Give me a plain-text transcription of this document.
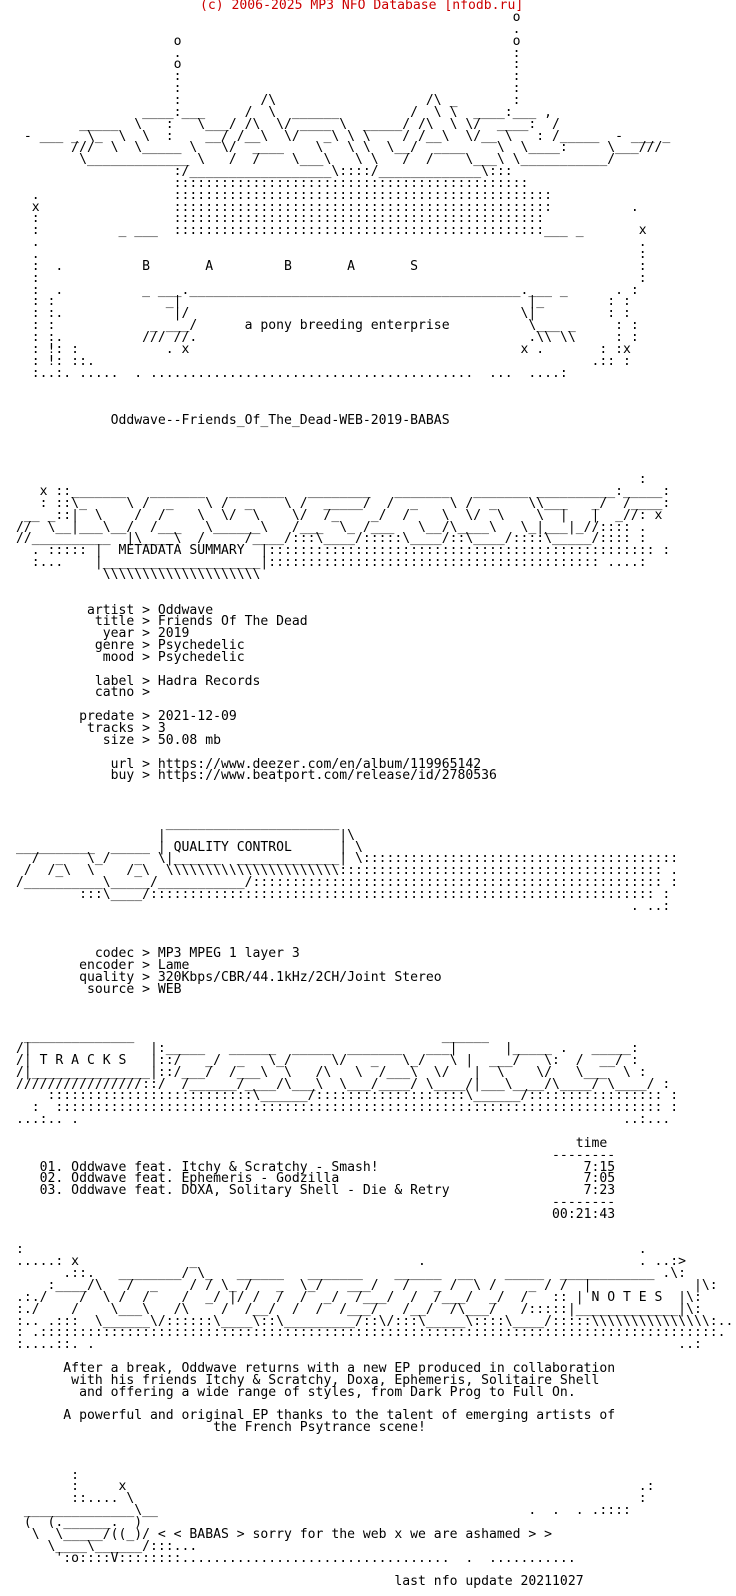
(c) 2006-2025 MP3 NFO Database [nfodb.ru]
o
.
o                                          o
.                                          :
o                                          :
:                                          :
:                                          :
:          /\                   /\ _       :
____:___     /  \  ______         /  \ \  ____:___ ,
_____  \   :   \___/ /\  \/ ____ \  _____/ /\  \ \/  ____:  /
- ___ _ \_  \  \  :    __/ /__\  \/   _\ \ \    / /__\  \/__ \   : /_____  - ___ _
///  \  \_____ \   \/  ____    \   \ \  \__/  ____    \  \____:     \___///
\_____________ \   /  /    \___\   \ \   /  /    \___\ \___________/
:/__________________\::::/_____________\:::
:::::::::::::::::::::::::::::::::::::::::::::
.                 ::::::::::::::::::::::::::::::::::::::::::::::::
x                 ::::::::::::::::::::::::::::::::::::::::::::::::          .
:                 :::::::::::::::::::::::::::::::::::::::::::::::
:          _ ___  :::::::::::::::::::::::::::::::::::::::::::::::___ _       x
.                                                                            .
.                                                                            :
:  .          B       A         B       A       S                            :
:                                                                            :
:  .          _ ___.__________________________________________.___ _      . :
: :              _|                                            |_        : :
: :.              |/                                          \|         : :
: :            _ ___/      a pony breeding enterprise          \___ _     : :
: :.          /// //.                                          .\\ \\     : :
: !: :           . x                                          x .       : :x
: !: ::.                                                               .:: :
:..:. .....  . .........................................  ...  ....:
Oddwave--Friends_Of_The_Dead-WEB-2019-BABAS
:
x ::_______   _______   _______   ________   _______   _______ __________:_____:
: ::\_     \ /  _    \ /  _    \ /  _____/  /  _    \ /  _    \\___   _/  /____:
__ _::|  \    /  /    \  \/  \    \/  /_    _/  /    \  \/  \    \  |   |  _//: x
//  \__|___\__/  /___   \______\   /___  \_ /___   \__/\____\   \_|___|_//:::: .
//__________  |\____\  /     /____/:::\____/:::::\____/::\____/::::\_____/:::: :
. ::::: |  METADATA SUMMARY  |::::::::::::::::::::::::::::::::::::::::::::::::: :
:...    |____________________|:::::::::::::::::::::::::::::::::::::::::: ....:
\\\\\\\\\\\\\\\\\\\\
artist > Oddwave
title > Friends Of The Dead
year > 2019
genre > Psychedelic
mood > Psychedelic
label > Hadra Records
catno >
predate > 2021-12-09
tracks > 3
size > 50.08 mb
url > https://www.deezer.com/en/album/119965142
buy > https://www.beatport.com/release/id/2780536
______________________
|                      |\
__________  _____ | QUALITY CONTROL      | \
/  _   \_/   _  \|______  _____________| \::::::::::::::::::::::::::::::::::::::::
/  /_\  \    /_\  \\\\\\\\\\\\\\\\\\\\\\::::::::::::::::::::::::::::::::::::::::: .
/__________\_____/___________/:::::::::::::::::::::::::::::::::::::::::::::::::::: :
:::\____/:::::::::::::::::::::::::::::::::::::::::::::::::::::::::::::::: :
. ..:
codec > MP3 MPEG 1 layer 3
encoder > Lame
quality > 320Kbps/CBR/44.1kHz/2CH/Joint Stereo
source > WEB
______________                                       ______
/|               |:_____   ______  _____  _______   ___|      |_____ .   _____:
/| T R A C K S   |::/   _/  _   \_/     \/   _   \_/   \ |  ___/   \:  /  __/ :
/|_______________|::/___/  /___\  \   /\   \  /___\  \/   |  \    \/   \___  \ :
////////////////::/  /______/____/\___\  \___/____/ \____/|___\____/\____/ \____/ :
::::::::::::::::::::::::::\______/:::::::::::::::::::\______/::::::::::::::::: :
:  ::::::::::::::::::::::::::::::::::::::::::::::::::::::::::::::::::::::::::::: :
...:.. .                                                                     ..:...
time
--------
01. Oddwave feat. Itchy & Scratchy - Smash!                          7:15
02. Oddwave feat. Ephemeris - Godzilla                               7:05
03. Oddwave feat. DOXA, Solitary Shell - Die & Retry                 7:23
--------
00:21:43
:                                                                              .
.....: x              _                            .                           . ..:>
.::.   ________/ \_   ______   _______    ______  __    _____  ____________ .\:
:____/\   /  _    / / \_ /   _  \_/   ___/   /   _ /  \ /    _ / /  |             |\:
.:./    /  \ /  /    /  _/ |/ /  /  /  _/  /___/  /  /___/  _/  /   :: | N O T E S  |\:
:./    /    \___\   /\    /  /__/  /  /  /___/   /__/  /\___/   /:::::|_____________|\:
:.. .:::  \______\/::::::\____\::\_________/::\/:::\_____\::::\____/:::::\\\\\\\\\\\\\\\:..
: .::::::::::::::::::::::::::::::::::::::::::::::::::::::::::::::::::::::::::::::::::::::.
:....::. .                                                                          ..:
After a break, Oddwave returns with a new EP produced in collaboration
with his friends Itchy & Scratchy, Doxa, Ephemeris, Solitaire Shell
and offering a wide range of styles, from Dark Prog to Full On.
A powerful and original EP thanks to the talent of emerging artists of
the French Psytrance scene!
:
:     x                                                                 .:
::.... \                                                                :
______________\__                                               .  .  . .::::
(  (.______.  )
\  \_____/((_)/ < < BABAS > sorry for the web x we are ashamed > >
\____\______/:::...
':o::::V::::::::..................................  .  ...........
last nfo update 20211027
